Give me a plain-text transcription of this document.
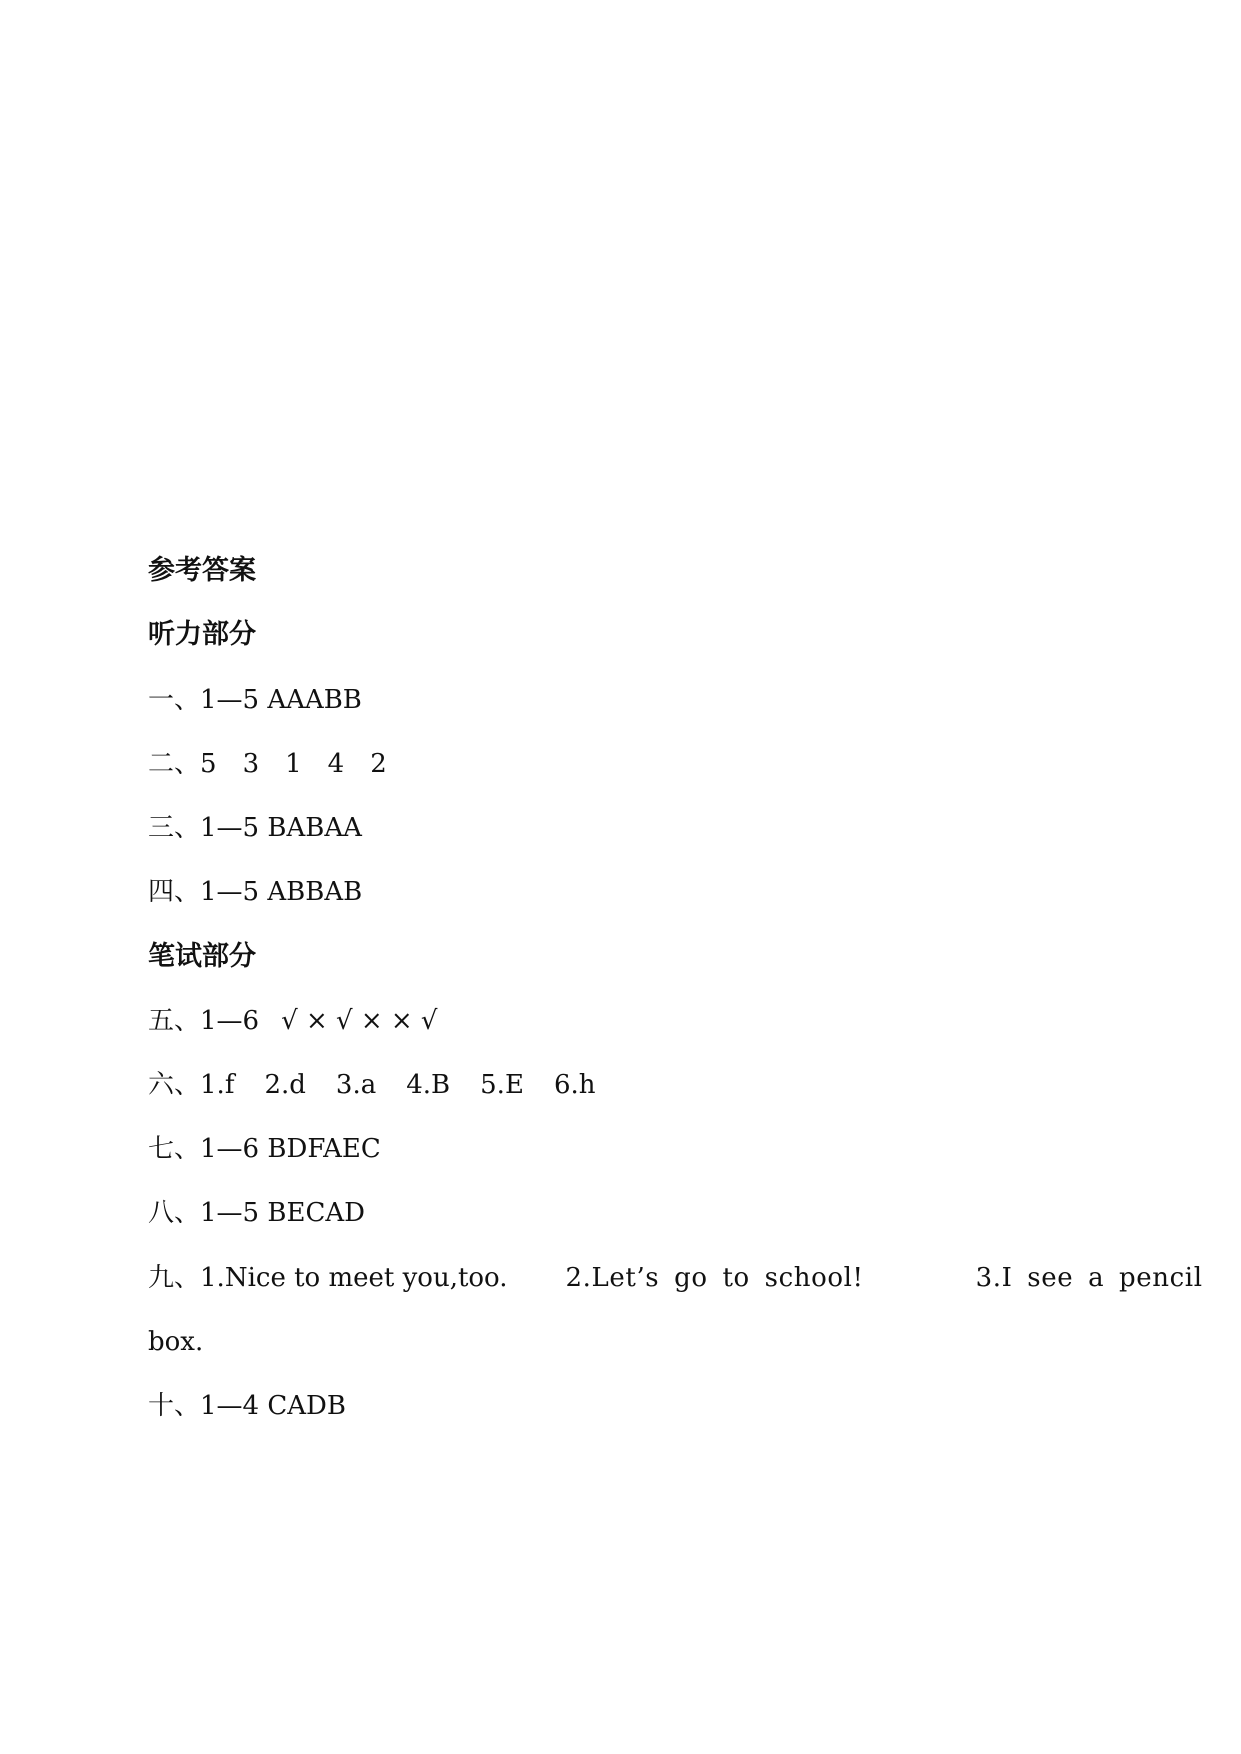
参考答案
听力部分
一、1—5 AAABB
二、5 3 1 4 2
三、1—5 BABAA
四、1—5 ABBAB
笔试部分
五、1—6 √ × √ × × √
六、1.f 2.d 3.a 4.B 5.E 6.h
七、1—6 BDFAEC
八、1—5 BECAD
九、1.Nice to meet you,too. 2.Let’s go to school!	3.I see a pencil
box.
十、1—4 CADB
